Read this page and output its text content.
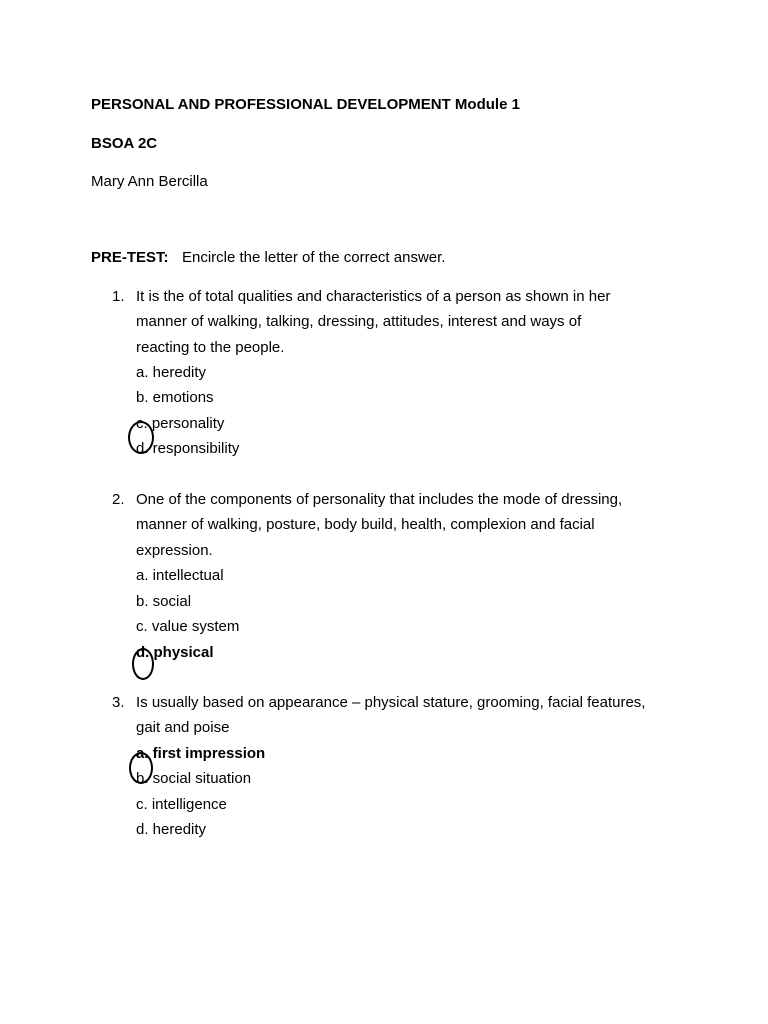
PERSONAL AND PROFESSIONAL DEVELOPMENT Module 1
BSOA 2C
Mary Ann Bercilla
PRE-TEST: Encircle the letter of the correct answer.
1. It is the of total qualities and characteristics of a person as shown in her
manner of walking, talking, dressing, attitudes, interest and ways of
reacting to the people.
a. heredity
b. emotions
c. personality
d. responsibility
2. One of the components of personality that includes the mode of dressing,
manner of walking, posture, body build, health, complexion and facial
expression.
a. intellectual
b. social
c. value system
d. physical
3. Is usually based on appearance – physical stature, grooming, facial features,
gait and poise
a. first impression
b. social situation
c. intelligence
d. heredity
